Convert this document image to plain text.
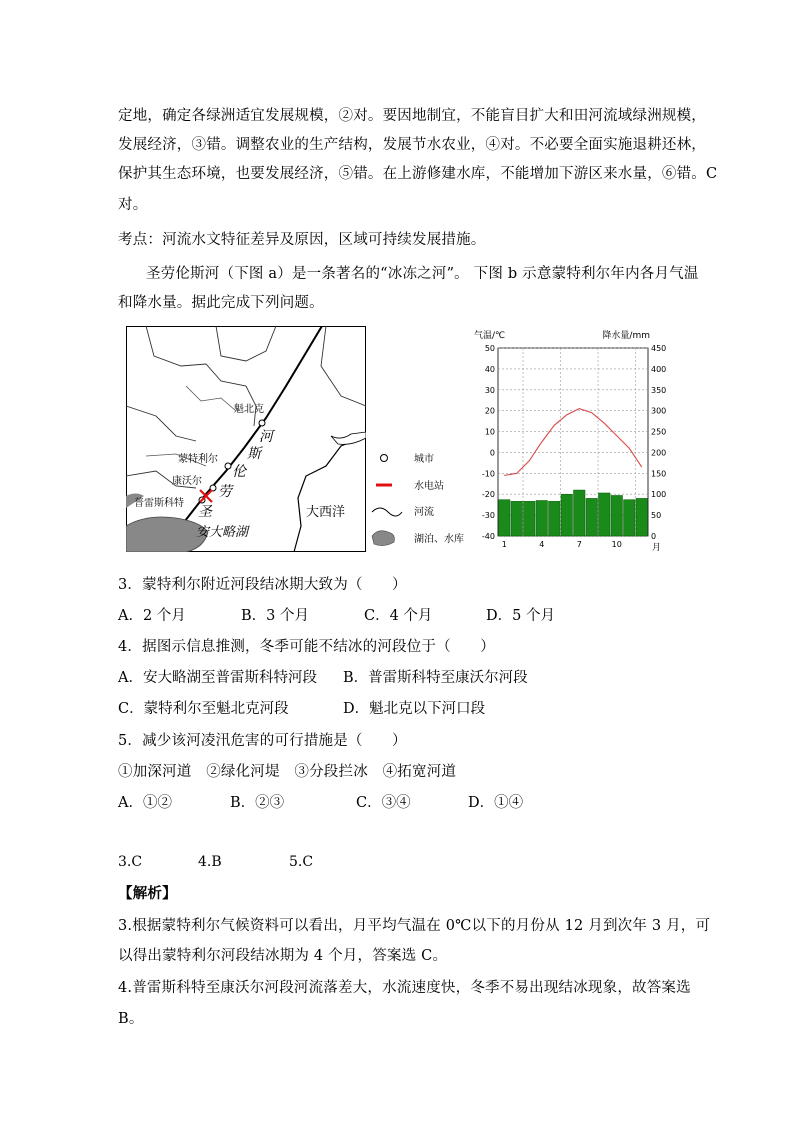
定地，确定各绿洲适宜发展规模，②对。要因地制宜，不能盲目扩大和田河流域绿洲规模，
发展经济，③错。调整农业的生产结构，发展节水农业，④对。不必要全面实施退耕还林，
保护其生态环境，也要发展经济，⑤错。在上游修建水库，不能增加下游区来水量，⑥错。C
对。
考点：河流水文特征差异及原因，区域可持续发展措施。
圣劳伦斯河（下图 a）是一条著名的“冰冻之河”。 下图 b 示意蒙特利尔年内各月气温
和降水量。据此完成下列问题。
魁北克
蒙特利尔
康沃尔
普雷斯科特
河
斯
伦
劳
圣
安大略湖
大西洋
城市
水电站
河流
湖泊、水库
气温/℃	降水量/mm
50
40
30
20
10
0
-10
-20
-30
-40
450
400
350
300
250
200
150
100
50
0
1	4	7	10	月
3．蒙特利尔附近河段结冰期大致为（　　）
A．2 个月	B．3 个月	C．4 个月	D．5 个月
4．据图示信息推测，冬季可能不结冰的河段位于（　　）
A．安大略湖至普雷斯科特河段 B．普雷斯科特至康沃尔河段
C．蒙特利尔至魁北克河段	D．魁北克以下河口段
5．减少该河凌汛危害的可行措施是（　　）
①加深河道　②绿化河堤　③分段拦冰　④拓宽河道
A．①②	B．②③	C．③④	D．①④
3.C	4.B	5.C
【解析】
3.根据蒙特利尔气候资料可以看出，月平均气温在 0℃以下的月份从 12 月到次年 3 月，可
以得出蒙特利尔河段结冰期为 4 个月，答案选 C。
4.普雷斯科特至康沃尔河段河流落差大，水流速度快，冬季不易出现结冰现象，故答案选
B。
